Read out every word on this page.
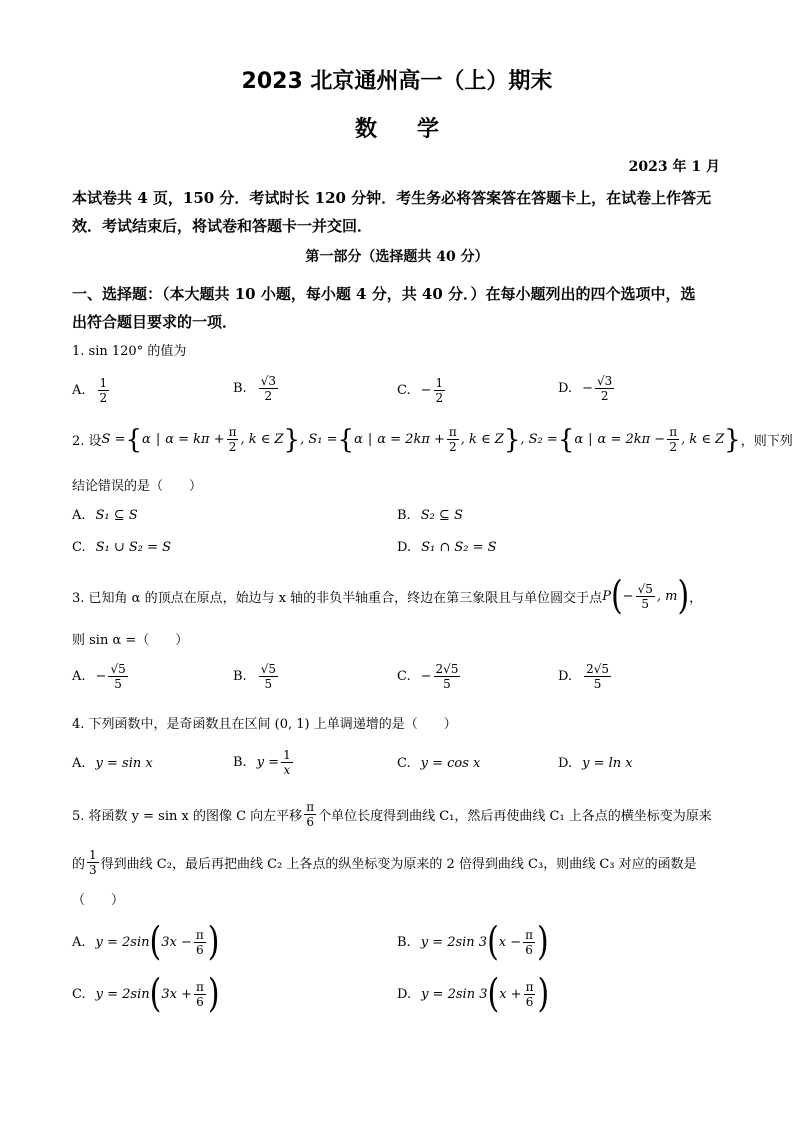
2023 北京通州高一（上）期末
数学
2023 年 1 月
本试卷共 4 页，150 分．考试时长 120 分钟．考生务必将答案答在答题卡上，在试卷上作答无
效．考试结束后，将试卷和答题卡一并交回．
第一部分（选择题共 40 分）
一、选择题：（本大题共 10 小题，每小题 4 分，共 40 分．）在每小题列出的四个选项中，选
出符合题目要求的一项．
1. sin 120° 的值为
A. $\frac{1}{2}$	B. $\frac{√3}{2}$	C. − $\frac{1}{2}$	D. − $\frac{√3}{2}$
2. 设 S = { α | $\alpha = k\pi + \frac{\pi}{2}$ , k ∈ Z } , S₁ = { α | $\alpha = 2k\pi + \frac{\pi}{2}$ , k ∈ Z } , S₂ = { α | $\alpha = 2k\pi - \frac{\pi}{2}$ , k ∈ Z } ，则下列
结论错误的是（　　）
A. S₁ ⊆ S	B. S₂ ⊆ S
C. S₁ ∪ S₂ = S	D. S₁ ∩ S₂ = S
3. 已知角 α 的顶点在原点，始边与 x 轴的非负半轴重合，终边在第三象限且与单位圆交于点 P ( − $\frac{√5}{5}$ , m ) ，
则 sin α =（　　）
A. − $\frac{√5}{5}$	B. $\frac{√5}{5}$	C. − $\frac{2√5}{5}$	D. $\frac{2√5}{5}$
4. 下列函数中，是奇函数且在区间 (0, 1) 上单调递增的是（　　）
A. y = sin x	B. $y = \frac{1}{x}$	C. y = cos x	D. y = ln x
5. 将函数 y = sin x 的图像 C 向左平移 $\frac{\pi}{6}$ 个单位长度得到曲线 C₁，然后再使曲线 C₁ 上各点的横坐标变为原来
的 $\frac{1}{3}$ 得到曲线 C₂，最后再把曲线 C₂ 上各点的纵坐标变为原来的 2 倍得到曲线 C₃，则曲线 C₃ 对应的函数是
（　　）
A. y = 2sin ( $3x - \frac{\pi}{6}$ )	B. y = 2sin 3 ( $x - \frac{\pi}{6}$ )
C. y = 2sin ( $3x + \frac{\pi}{6}$ )	D. y = 2sin 3 ( $x + \frac{\pi}{6}$ )
